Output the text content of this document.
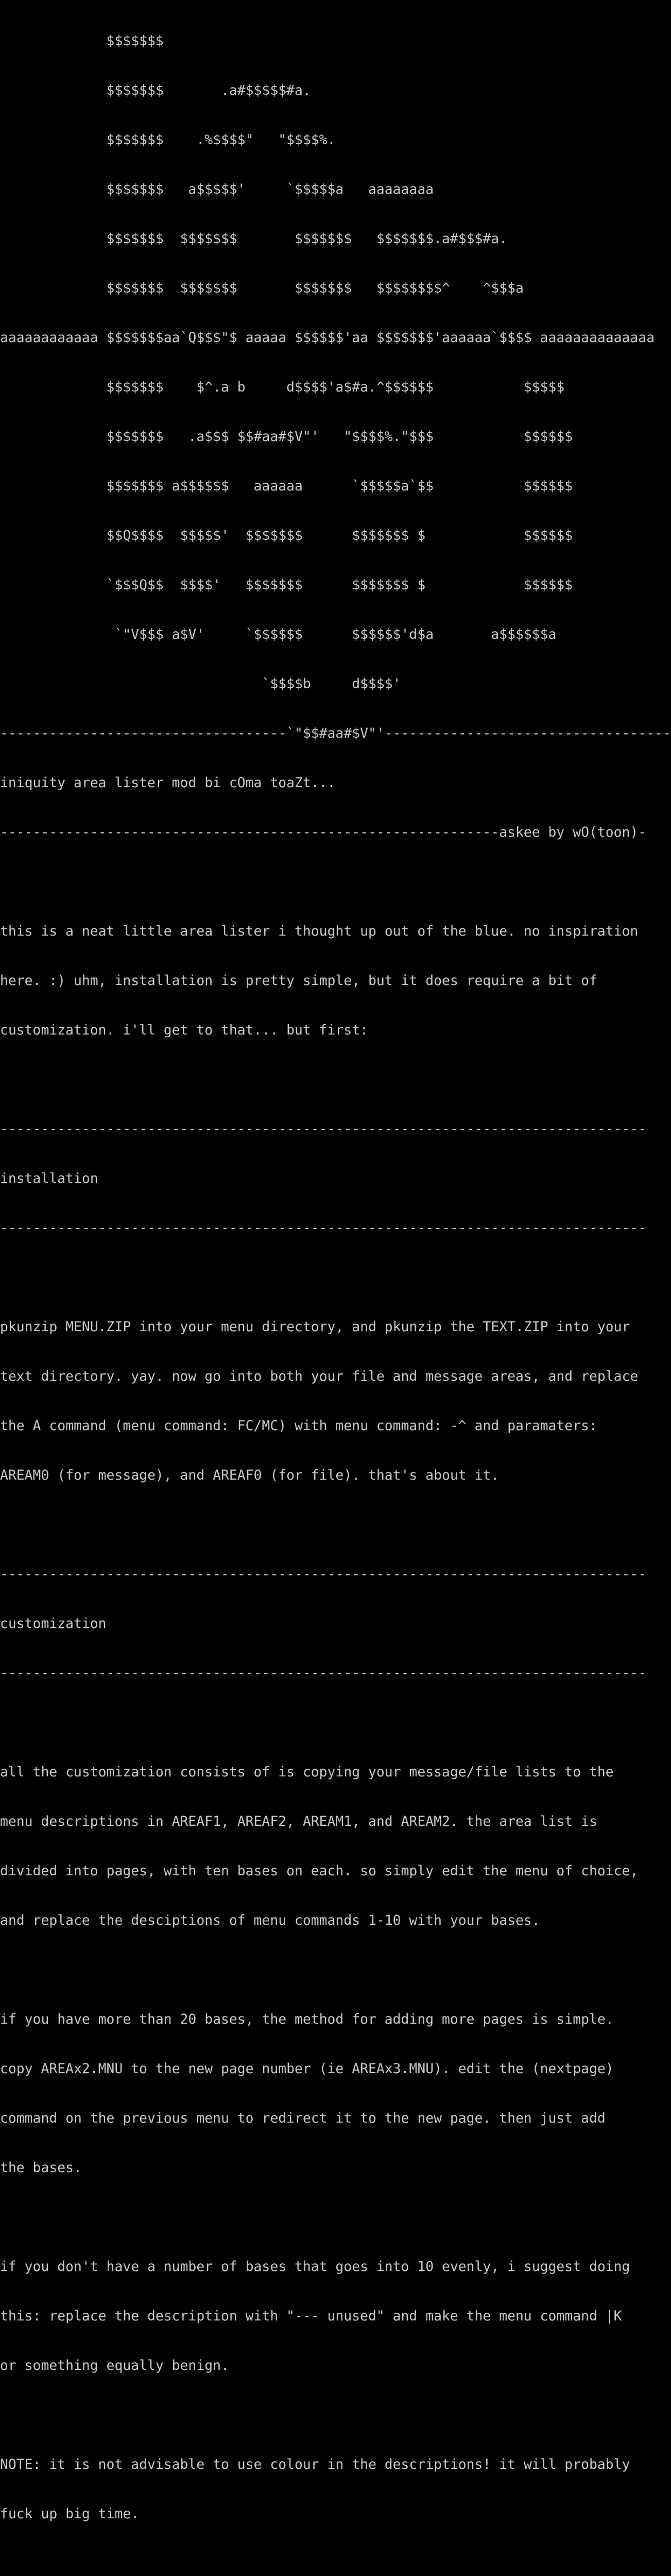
$$$$$$$

$$$$$$$       .a#$$$$$#a.

$$$$$$$    .%$$$$"   "$$$$%.

$$$$$$$   a$$$$$'     `$$$$$a   aaaaaaaa

$$$$$$$  $$$$$$$       $$$$$$$   $$$$$$$.a#$$$#a.

$$$$$$$  $$$$$$$       $$$$$$$   $$$$$$$$^    ^$$$a

aaaaaaaaaaaa $$$$$$$aa`Q$$$"$ aaaaa $$$$$$'aa $$$$$$$'aaaaaa`$$$$ aaaaaaaaaaaaaa

$$$$$$$    $^.a b     d$$$$'a$#a.^$$$$$$           $$$$$

$$$$$$$   .a$$$ $$#aa#$V"'   "$$$$%."$$$           $$$$$$

$$$$$$$ a$$$$$$   aaaaaa      `$$$$$a`$$           $$$$$$

$$Q$$$$  $$$$$'  $$$$$$$      $$$$$$$ $            $$$$$$

`$$$Q$$  $$$$'   $$$$$$$      $$$$$$$ $            $$$$$$

`"V$$$ a$V'     `$$$$$$      $$$$$$'d$a       a$$$$$$a

`$$$$b     d$$$$'

-----------------------------------`"$$#aa#$V"'-----------------------------------

iniquity area lister mod bi cOma toaZt...

-------------------------------------------------------------askee by wO(toon)-

this is a neat little area lister i thought up out of the blue. no inspiration

here. :) uhm, installation is pretty simple, but it does require a bit of

customization. i'll get to that... but first:

-------------------------------------------------------------------------------

installation

-------------------------------------------------------------------------------

pkunzip MENU.ZIP into your menu directory, and pkunzip the TEXT.ZIP into your

text directory. yay. now go into both your file and message areas, and replace

the A command (menu command: FC/MC) with menu command: -^ and paramaters:

AREAM0 (for message), and AREAF0 (for file). that's about it.

-------------------------------------------------------------------------------

customization

-------------------------------------------------------------------------------

all the customization consists of is copying your message/file lists to the

menu descriptions in AREAF1, AREAF2, AREAM1, and AREAM2. the area list is

divided into pages, with ten bases on each. so simply edit the menu of choice,

and replace the desciptions of menu commands 1-10 with your bases.

if you have more than 20 bases, the method for adding more pages is simple.

copy AREAx2.MNU to the new page number (ie AREAx3.MNU). edit the (nextpage)

command on the previous menu to redirect it to the new page. then just add

the bases.

if you don't have a number of bases that goes into 10 evenly, i suggest doing

this: replace the description with "--- unused" and make the menu command |K

or something equally benign.

NOTE: it is not advisable to use colour in the descriptions! it will probably

fuck up big time.
